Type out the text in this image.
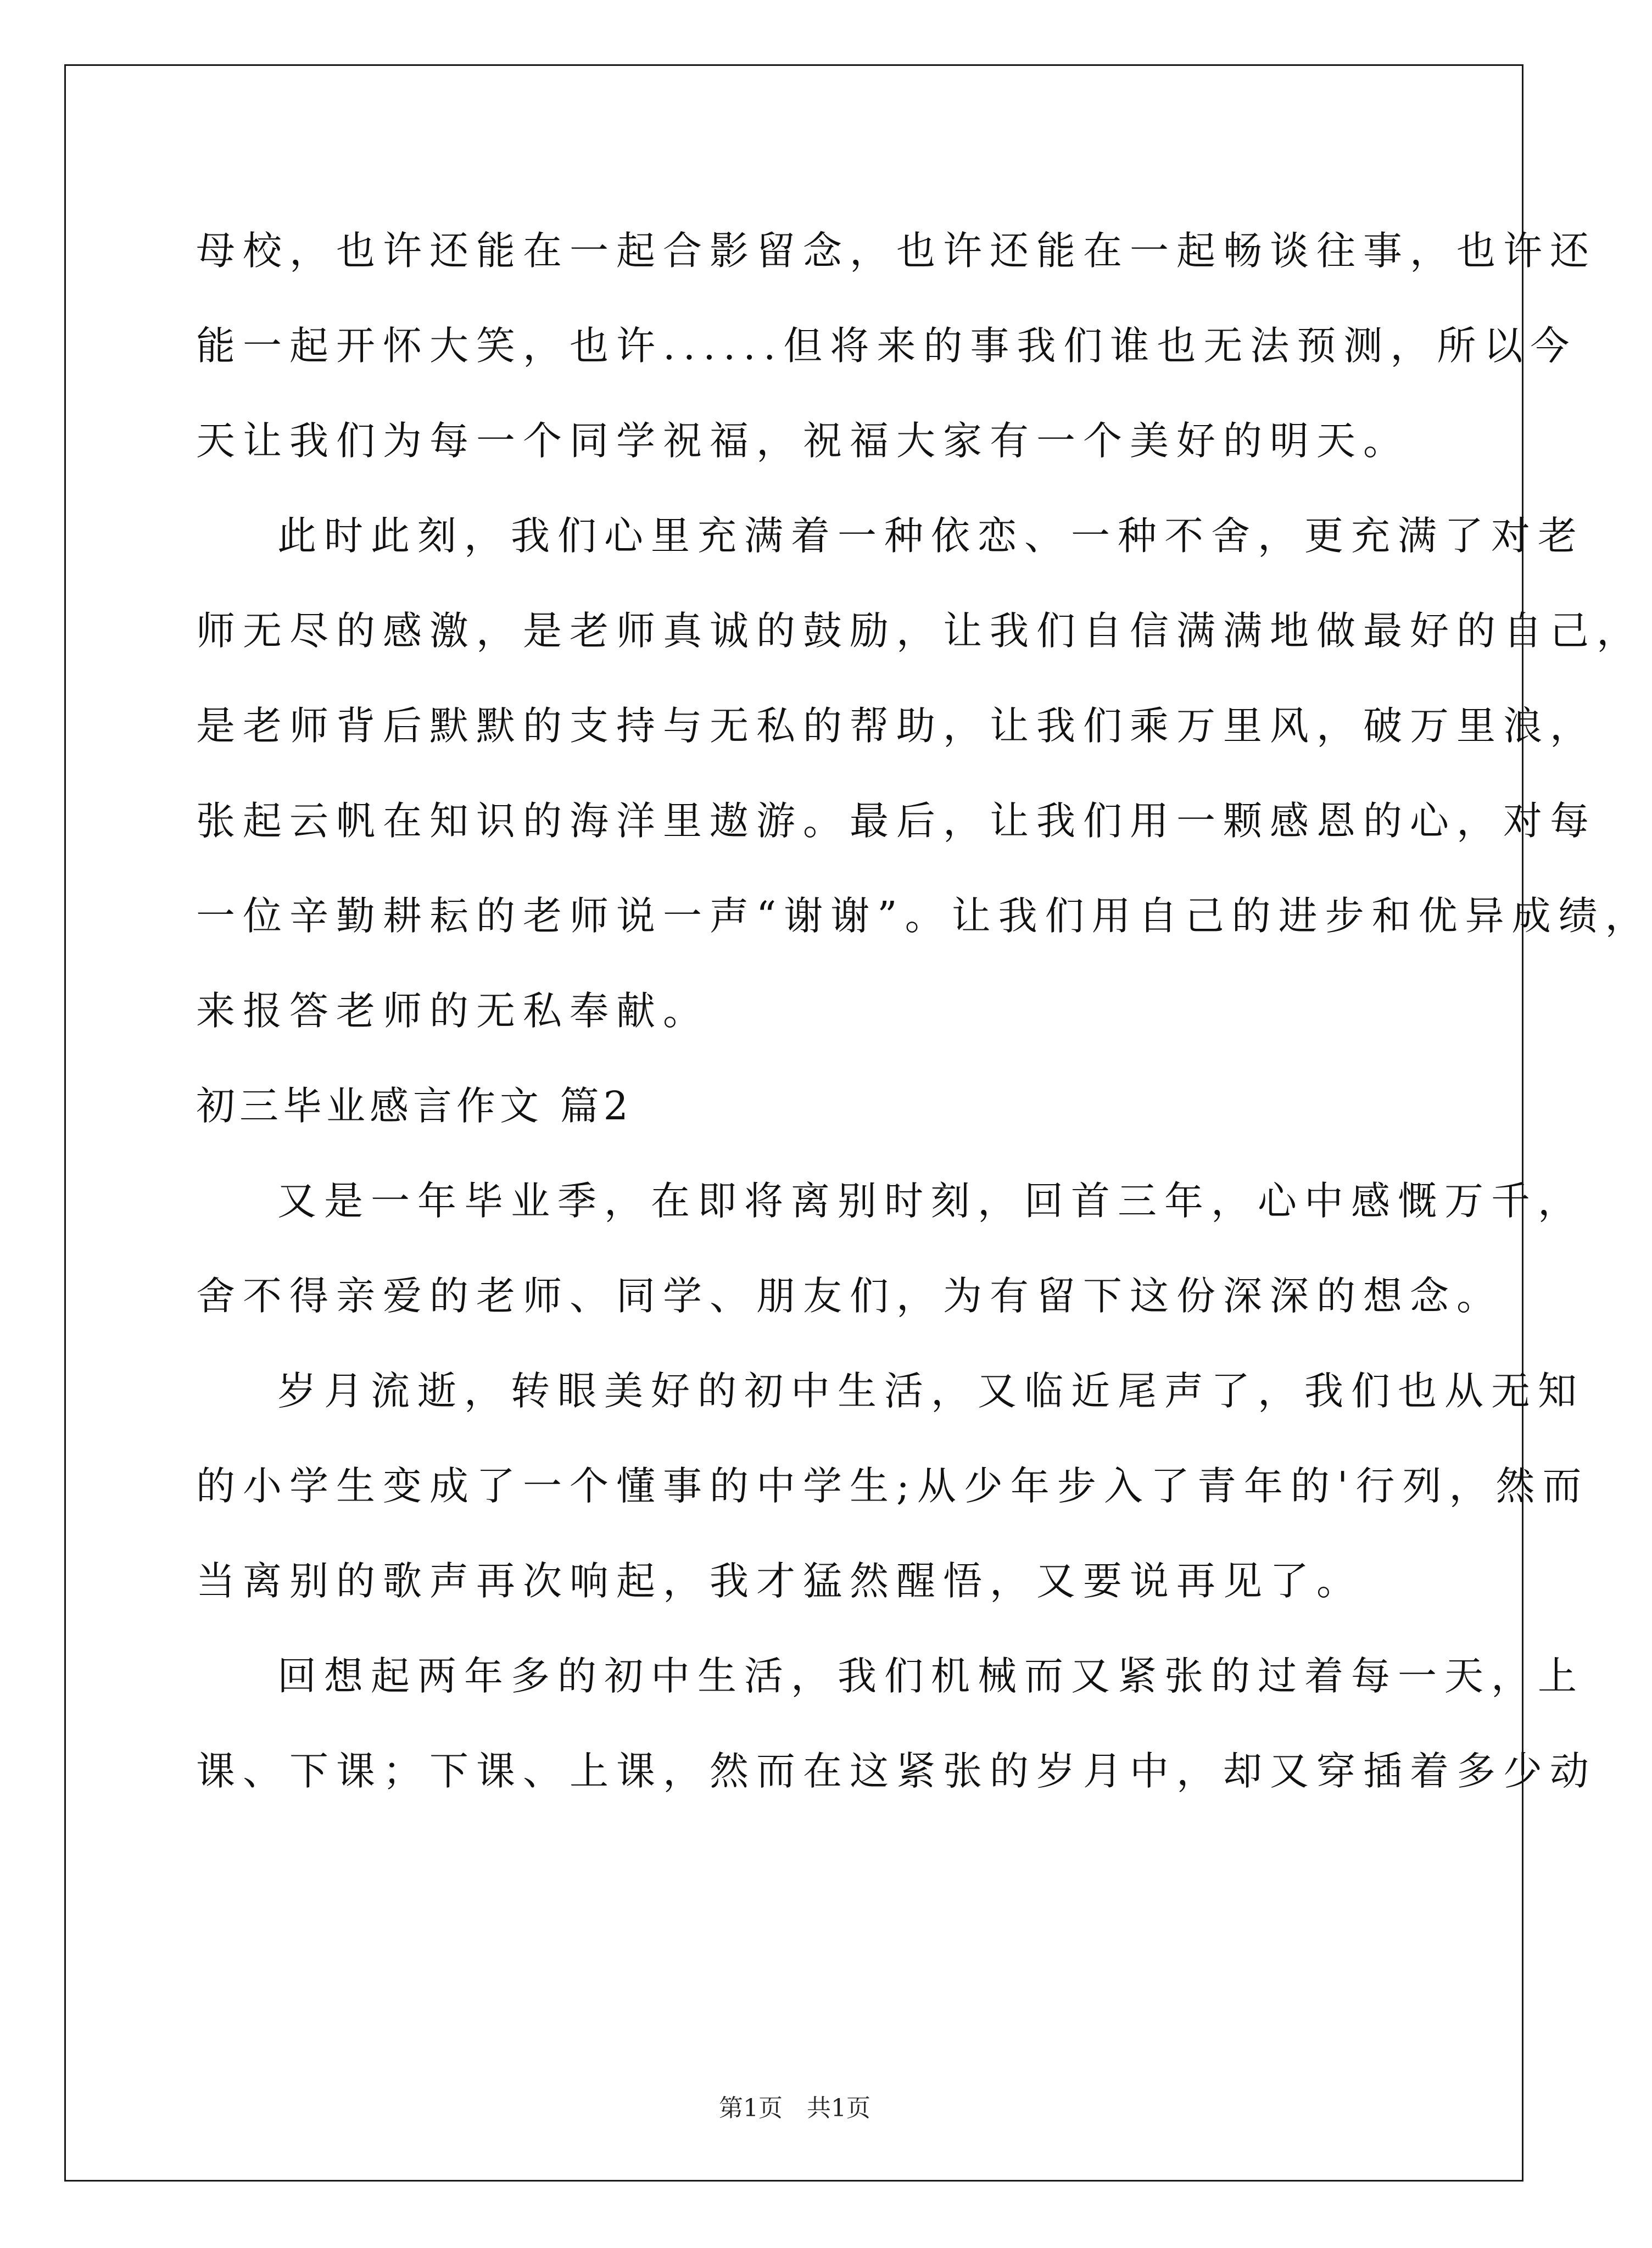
母校，也许还能在一起合影留念，也许还能在一起畅谈往事，也许还
能一起开怀大笑，也许......但将来的事我们谁也无法预测，所以今
天让我们为每一个同学祝福，祝福大家有一个美好的明天。
此时此刻，我们心里充满着一种依恋、一种不舍，更充满了对老
师无尽的感激，是老师真诚的鼓励，让我们自信满满地做最好的自己，
是老师背后默默的支持与无私的帮助，让我们乘万里风，破万里浪，
张起云帆在知识的海洋里遨游。最后，让我们用一颗感恩的心，对每
一位辛勤耕耘的老师说一声“谢谢”。让我们用自己的进步和优异成绩，
来报答老师的无私奉献。
初三毕业感言作文 篇2
又是一年毕业季，在即将离别时刻，回首三年，心中感慨万千，
舍不得亲爱的老师、同学、朋友们，为有留下这份深深的想念。
岁月流逝，转眼美好的初中生活，又临近尾声了，我们也从无知
的小学生变成了一个懂事的中学生;从少年步入了青年的'行列，然而
当离别的歌声再次响起，我才猛然醒悟，又要说再见了。
回想起两年多的初中生活，我们机械而又紧张的过着每一天，上
课、下课；下课、上课，然而在这紧张的岁月中，却又穿插着多少动
第1页　共1页
